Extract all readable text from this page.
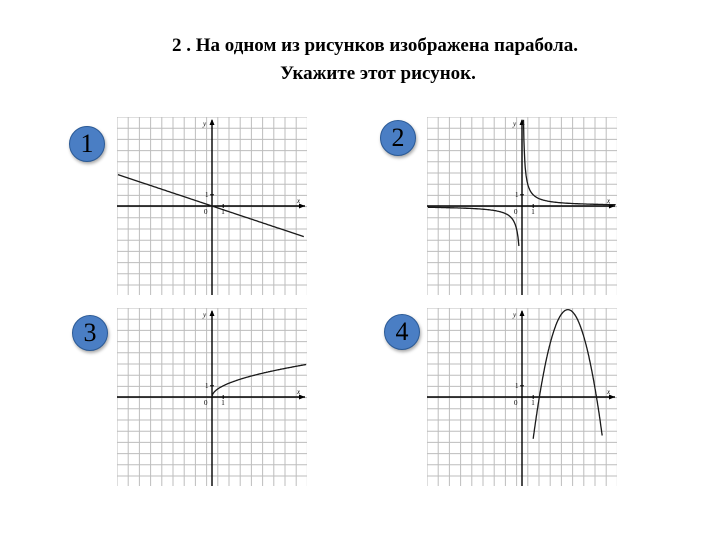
2 . На одном из рисунков изображена парабола.
Укажите этот рисунок.
1
y
x
0
1
1
2	y
x
0
1
1
3
y
x
0
1
1
4
y
x
0
1
1
